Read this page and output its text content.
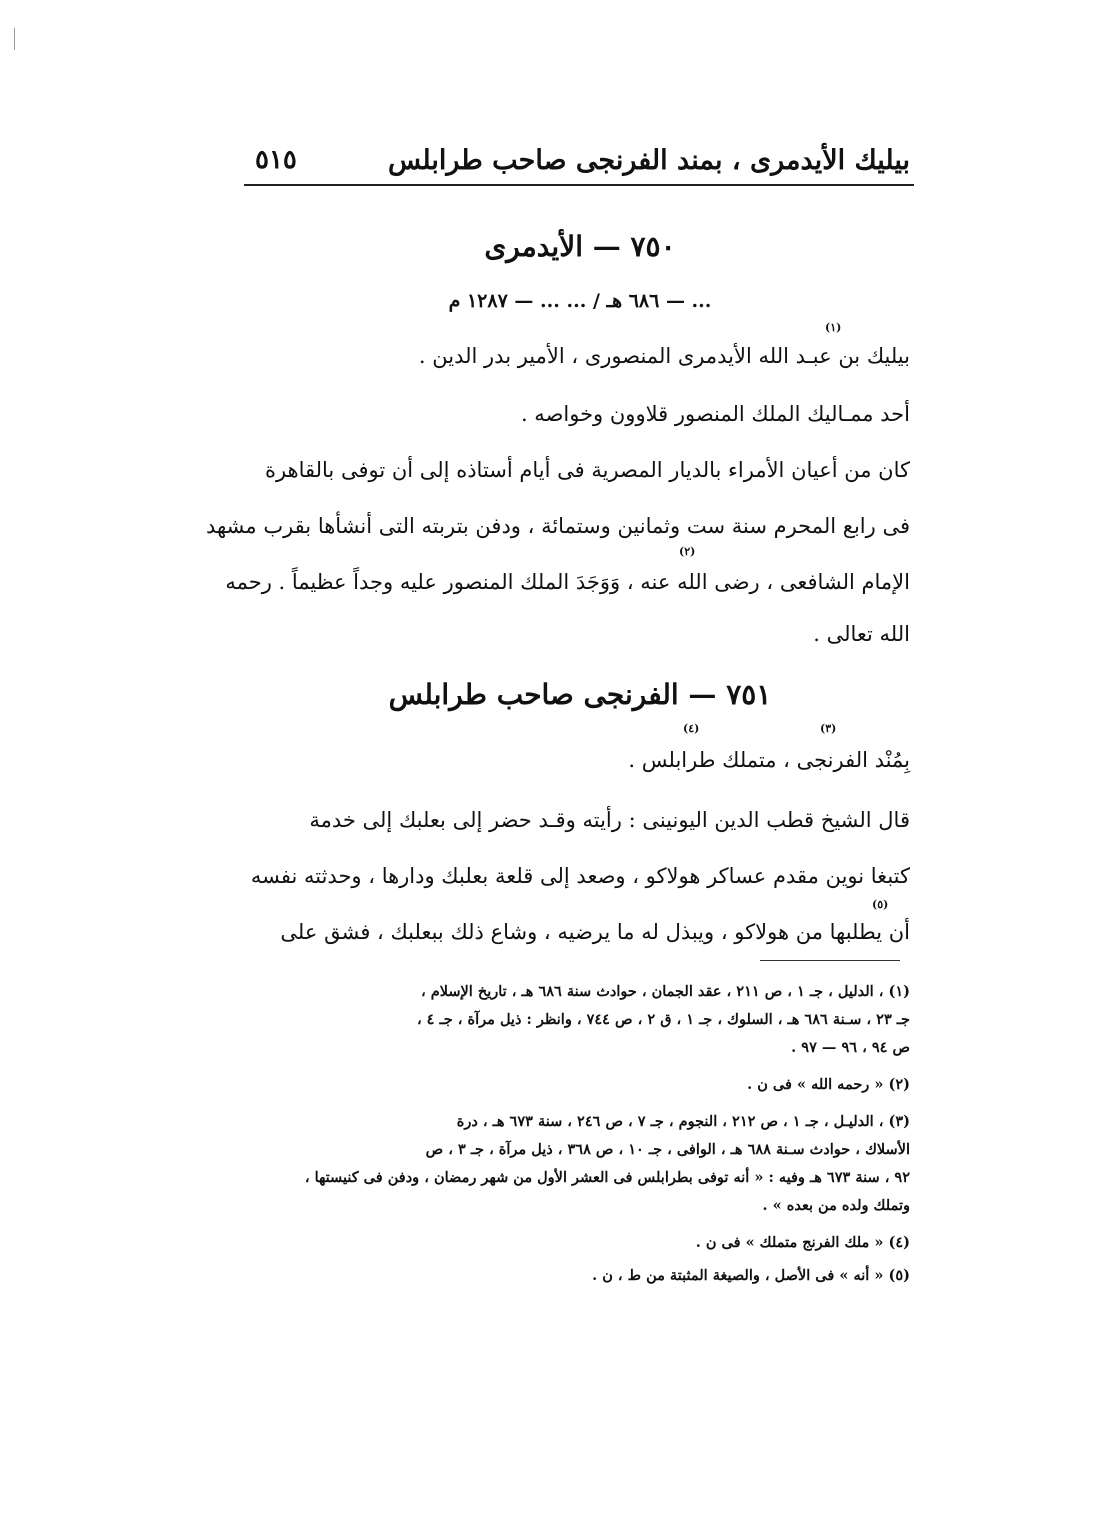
بيليك الأيدمرى ، بمند الفرنجى صاحب طرابلس
٥١٥
٧٥٠ — الأيدمرى
... — ٦٨٦ هـ / ... ... — ١٢٨٧ م
(١)
بيليك بن عبـد الله الأيدمرى المنصورى ، الأمير بدر الدين .
أحد ممـاليك الملك المنصور قلاوون وخواصه .
كان من أعيان الأمراء بالديار المصرية فى أيام أستاذه إلى أن توفى بالقاهرة
فى رابع المحرم سنة ست وثمانين وستمائة ، ودفن بتربته التى أنشأها بقرب مشهد
الإمام الشافعى ، رضى الله عنه ، وَوَجَدَ الملك المنصور عليه وجداً عظيماً . رحمه
الله تعالى .
(٢)
٧٥١ — الفرنجى صاحب طرابلس
(٣)
(٤)
بِمُنْد الفرنجى ، متملك طرابلس .
قال الشيخ قطب الدين اليونينى : رأيته وقـد حضر إلى بعلبك إلى خدمة
كتبغا نوين مقدم عساكر هولاكو ، وصعد إلى قلعة بعلبك ودارها ، وحدثته نفسه
أن يطلبها من هولاكو ، ويبذل له ما يرضيه ، وشاع ذلك ببعلبك ، فشق على
(٥)
(١) ، الدليل ، جـ ١ ، ص ٢١١ ، عقد الجمان ، حوادث سنة ٦٨٦ هـ ، تاريخ الإسلام ،
جـ ٢٣ ، سـنة ٦٨٦ هـ ، السلوك ، جـ ١ ، ق ٢ ، ص ٧٤٤ ، وانظر : ذيل مرآة ، جـ ٤ ،
ص ٩٤ ، ٩٦ — ٩٧ .
(٢) « رحمه الله » فى ن .
(٣) ، الدليـل ، جـ ١ ، ص ٢١٢ ، النجوم ، جـ ٧ ، ص ٢٤٦ ، سنة ٦٧٣ هـ ، درة
الأسلاك ، حوادث سـنة ٦٨٨ هـ ، الوافى ، جـ ١٠ ، ص ٣٦٨ ، ذيل مرآة ، جـ ٣ ، ص
٩٢ ، سنة ٦٧٣ هـ وفيه : « أنه توفى بطرابلس فى العشر الأول من شهر رمضان ، ودفن فى كنيستها ،
وتملك ولده من بعده » .
(٤) « ملك الفرنج متملك » فى ن .
(٥) « أنه » فى الأصل ، والصيغة المثبتة من ط ، ن .
